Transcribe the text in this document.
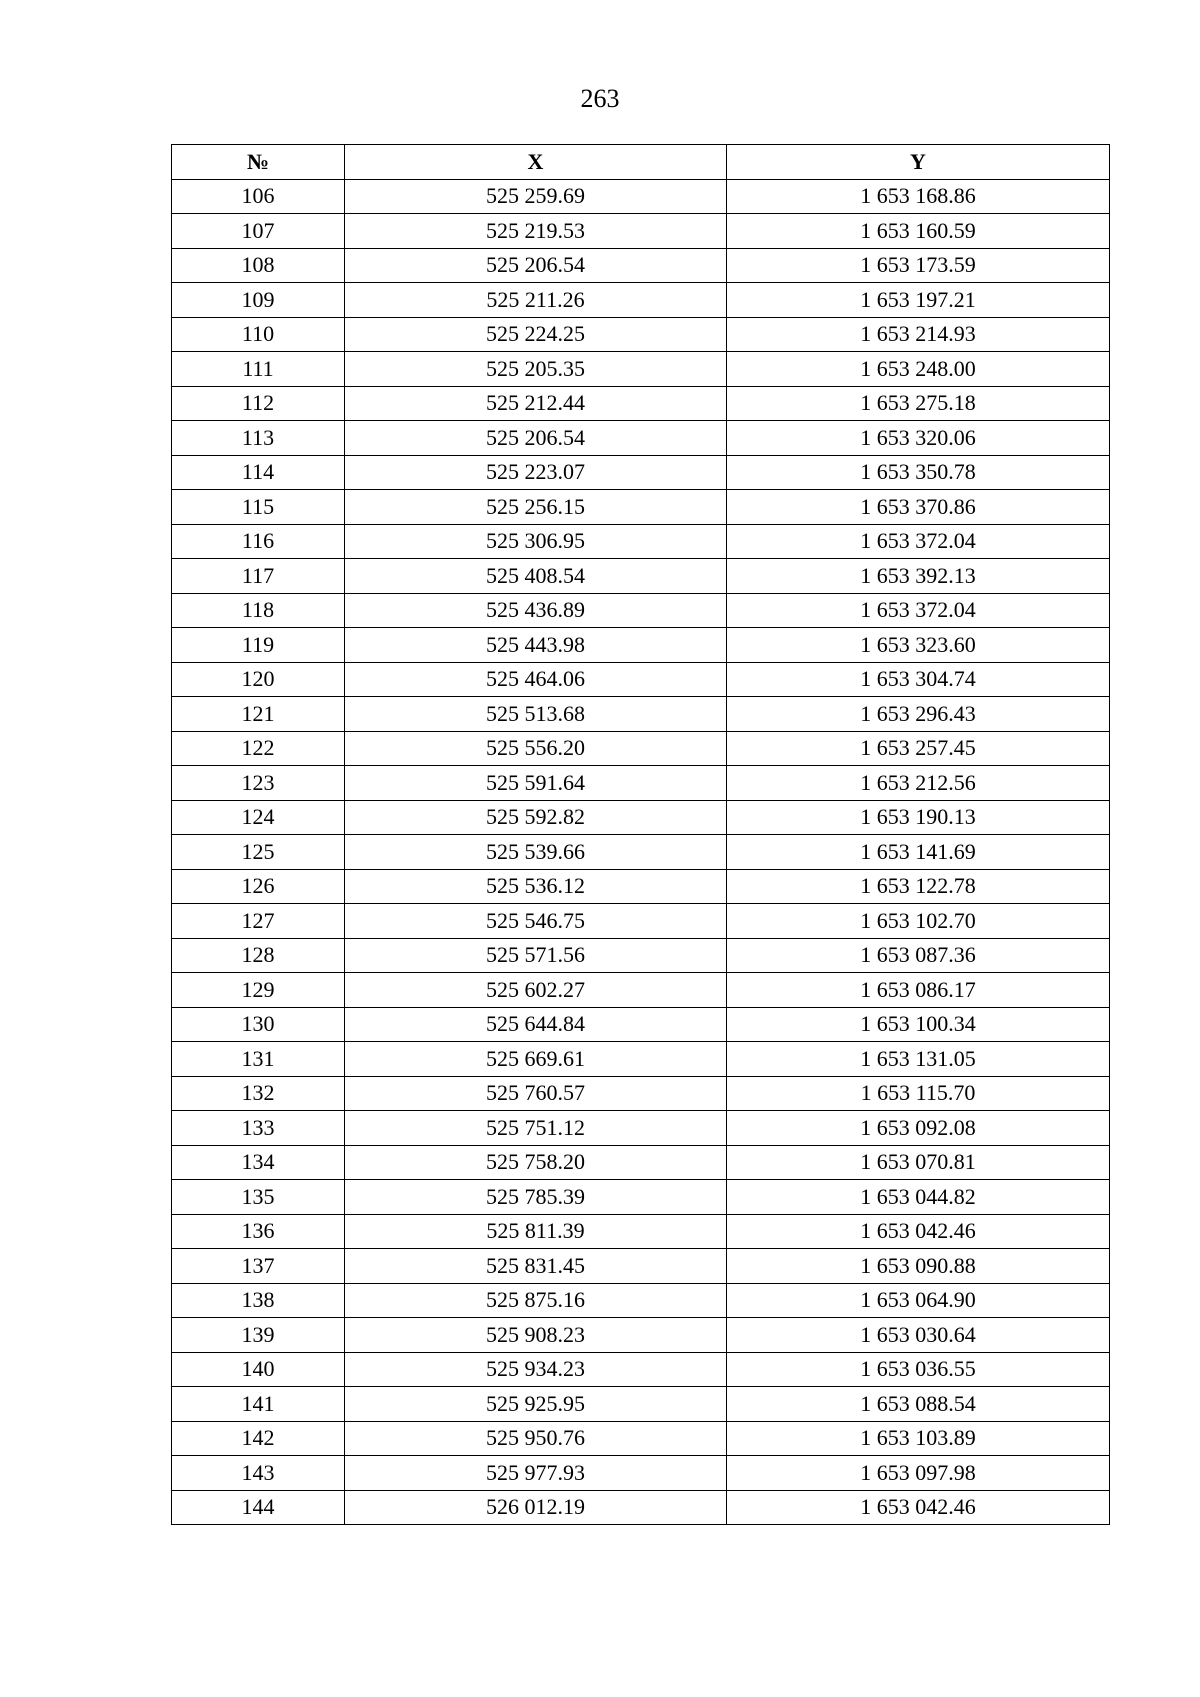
263
№	X	Y
106	525 259.69	1 653 168.86
107	525 219.53	1 653 160.59
108	525 206.54	1 653 173.59
109	525 211.26	1 653 197.21
110	525 224.25	1 653 214.93
111	525 205.35	1 653 248.00
112	525 212.44	1 653 275.18
113	525 206.54	1 653 320.06
114	525 223.07	1 653 350.78
115	525 256.15	1 653 370.86
116	525 306.95	1 653 372.04
117	525 408.54	1 653 392.13
118	525 436.89	1 653 372.04
119	525 443.98	1 653 323.60
120	525 464.06	1 653 304.74
121	525 513.68	1 653 296.43
122	525 556.20	1 653 257.45
123	525 591.64	1 653 212.56
124	525 592.82	1 653 190.13
125	525 539.66	1 653 141.69
126	525 536.12	1 653 122.78
127	525 546.75	1 653 102.70
128	525 571.56	1 653 087.36
129	525 602.27	1 653 086.17
130	525 644.84	1 653 100.34
131	525 669.61	1 653 131.05
132	525 760.57	1 653 115.70
133	525 751.12	1 653 092.08
134	525 758.20	1 653 070.81
135	525 785.39	1 653 044.82
136	525 811.39	1 653 042.46
137	525 831.45	1 653 090.88
138	525 875.16	1 653 064.90
139	525 908.23	1 653 030.64
140	525 934.23	1 653 036.55
141	525 925.95	1 653 088.54
142	525 950.76	1 653 103.89
143	525 977.93	1 653 097.98
144	526 012.19	1 653 042.46
